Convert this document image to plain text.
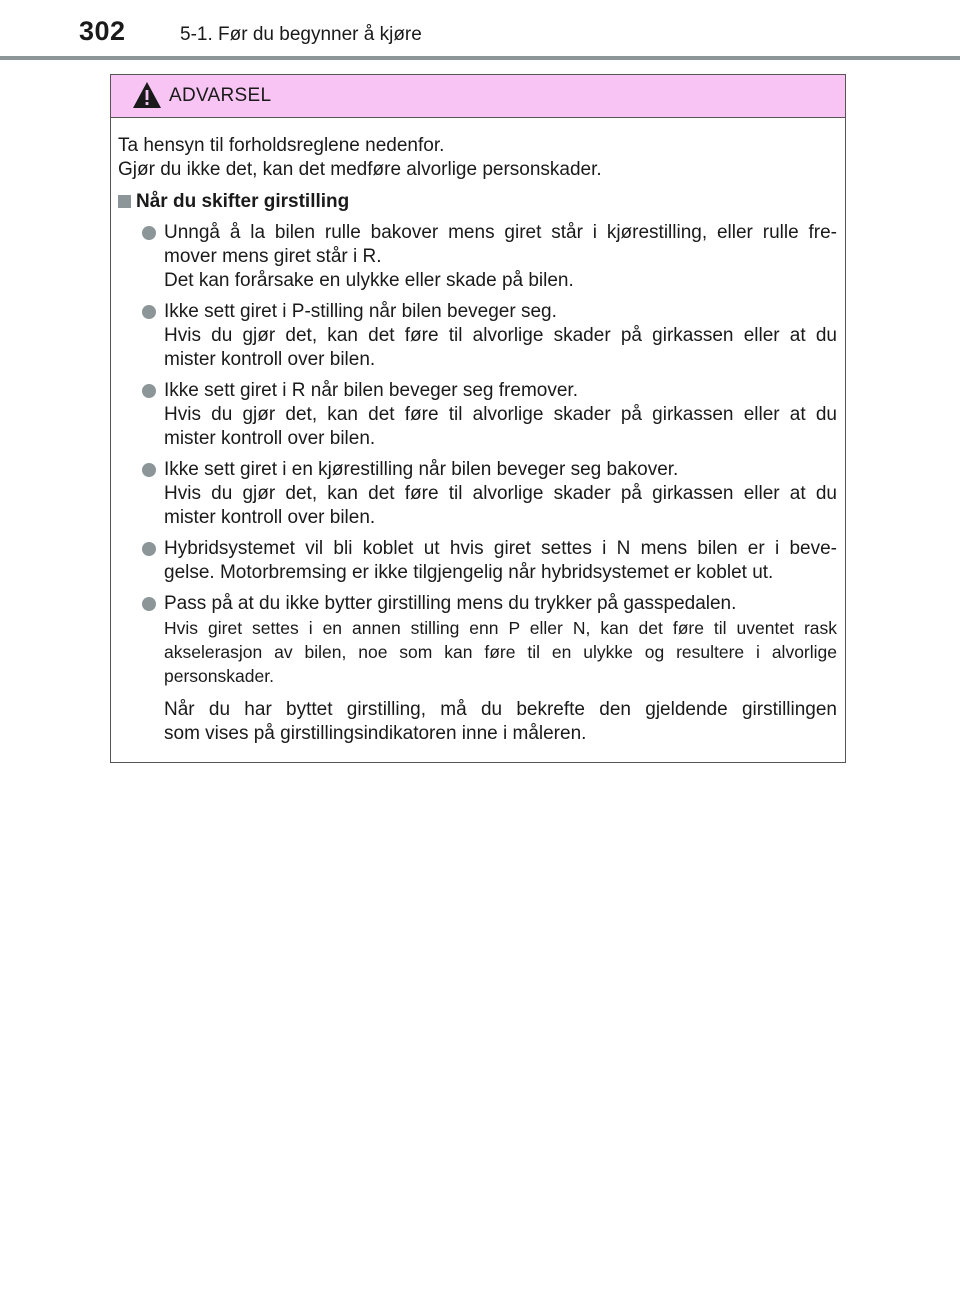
302	5-1. Før du begynner å kjøre
ADVARSEL
Ta hensyn til forholdsreglene nedenfor.
Gjør du ikke det, kan det medføre alvorlige personskader.
Når du skifter girstilling
Unngå å la bilen rulle bakover mens giret står i kjørestilling, eller rulle fre-
mover mens giret står i R.
Det kan forårsake en ulykke eller skade på bilen.
Ikke sett giret i P-stilling når bilen beveger seg.
Hvis du gjør det, kan det føre til alvorlige skader på girkassen eller at du
mister kontroll over bilen.
Ikke sett giret i R når bilen beveger seg fremover.
Hvis du gjør det, kan det føre til alvorlige skader på girkassen eller at du
mister kontroll over bilen.
Ikke sett giret i en kjørestilling når bilen beveger seg bakover.
Hvis du gjør det, kan det føre til alvorlige skader på girkassen eller at du
mister kontroll over bilen.
Hybridsystemet vil bli koblet ut hvis giret settes i N mens bilen er i beve-
gelse. Motorbremsing er ikke tilgjengelig når hybridsystemet er koblet ut.
Pass på at du ikke bytter girstilling mens du trykker på gasspedalen.
Hvis giret settes i en annen stilling enn P eller N, kan det føre til uventet rask
akselerasjon av bilen, noe som kan føre til en ulykke og resultere i alvorlige
personskader.
Når du har byttet girstilling, må du bekrefte den gjeldende girstillingen
som vises på girstillingsindikatoren inne i måleren.
